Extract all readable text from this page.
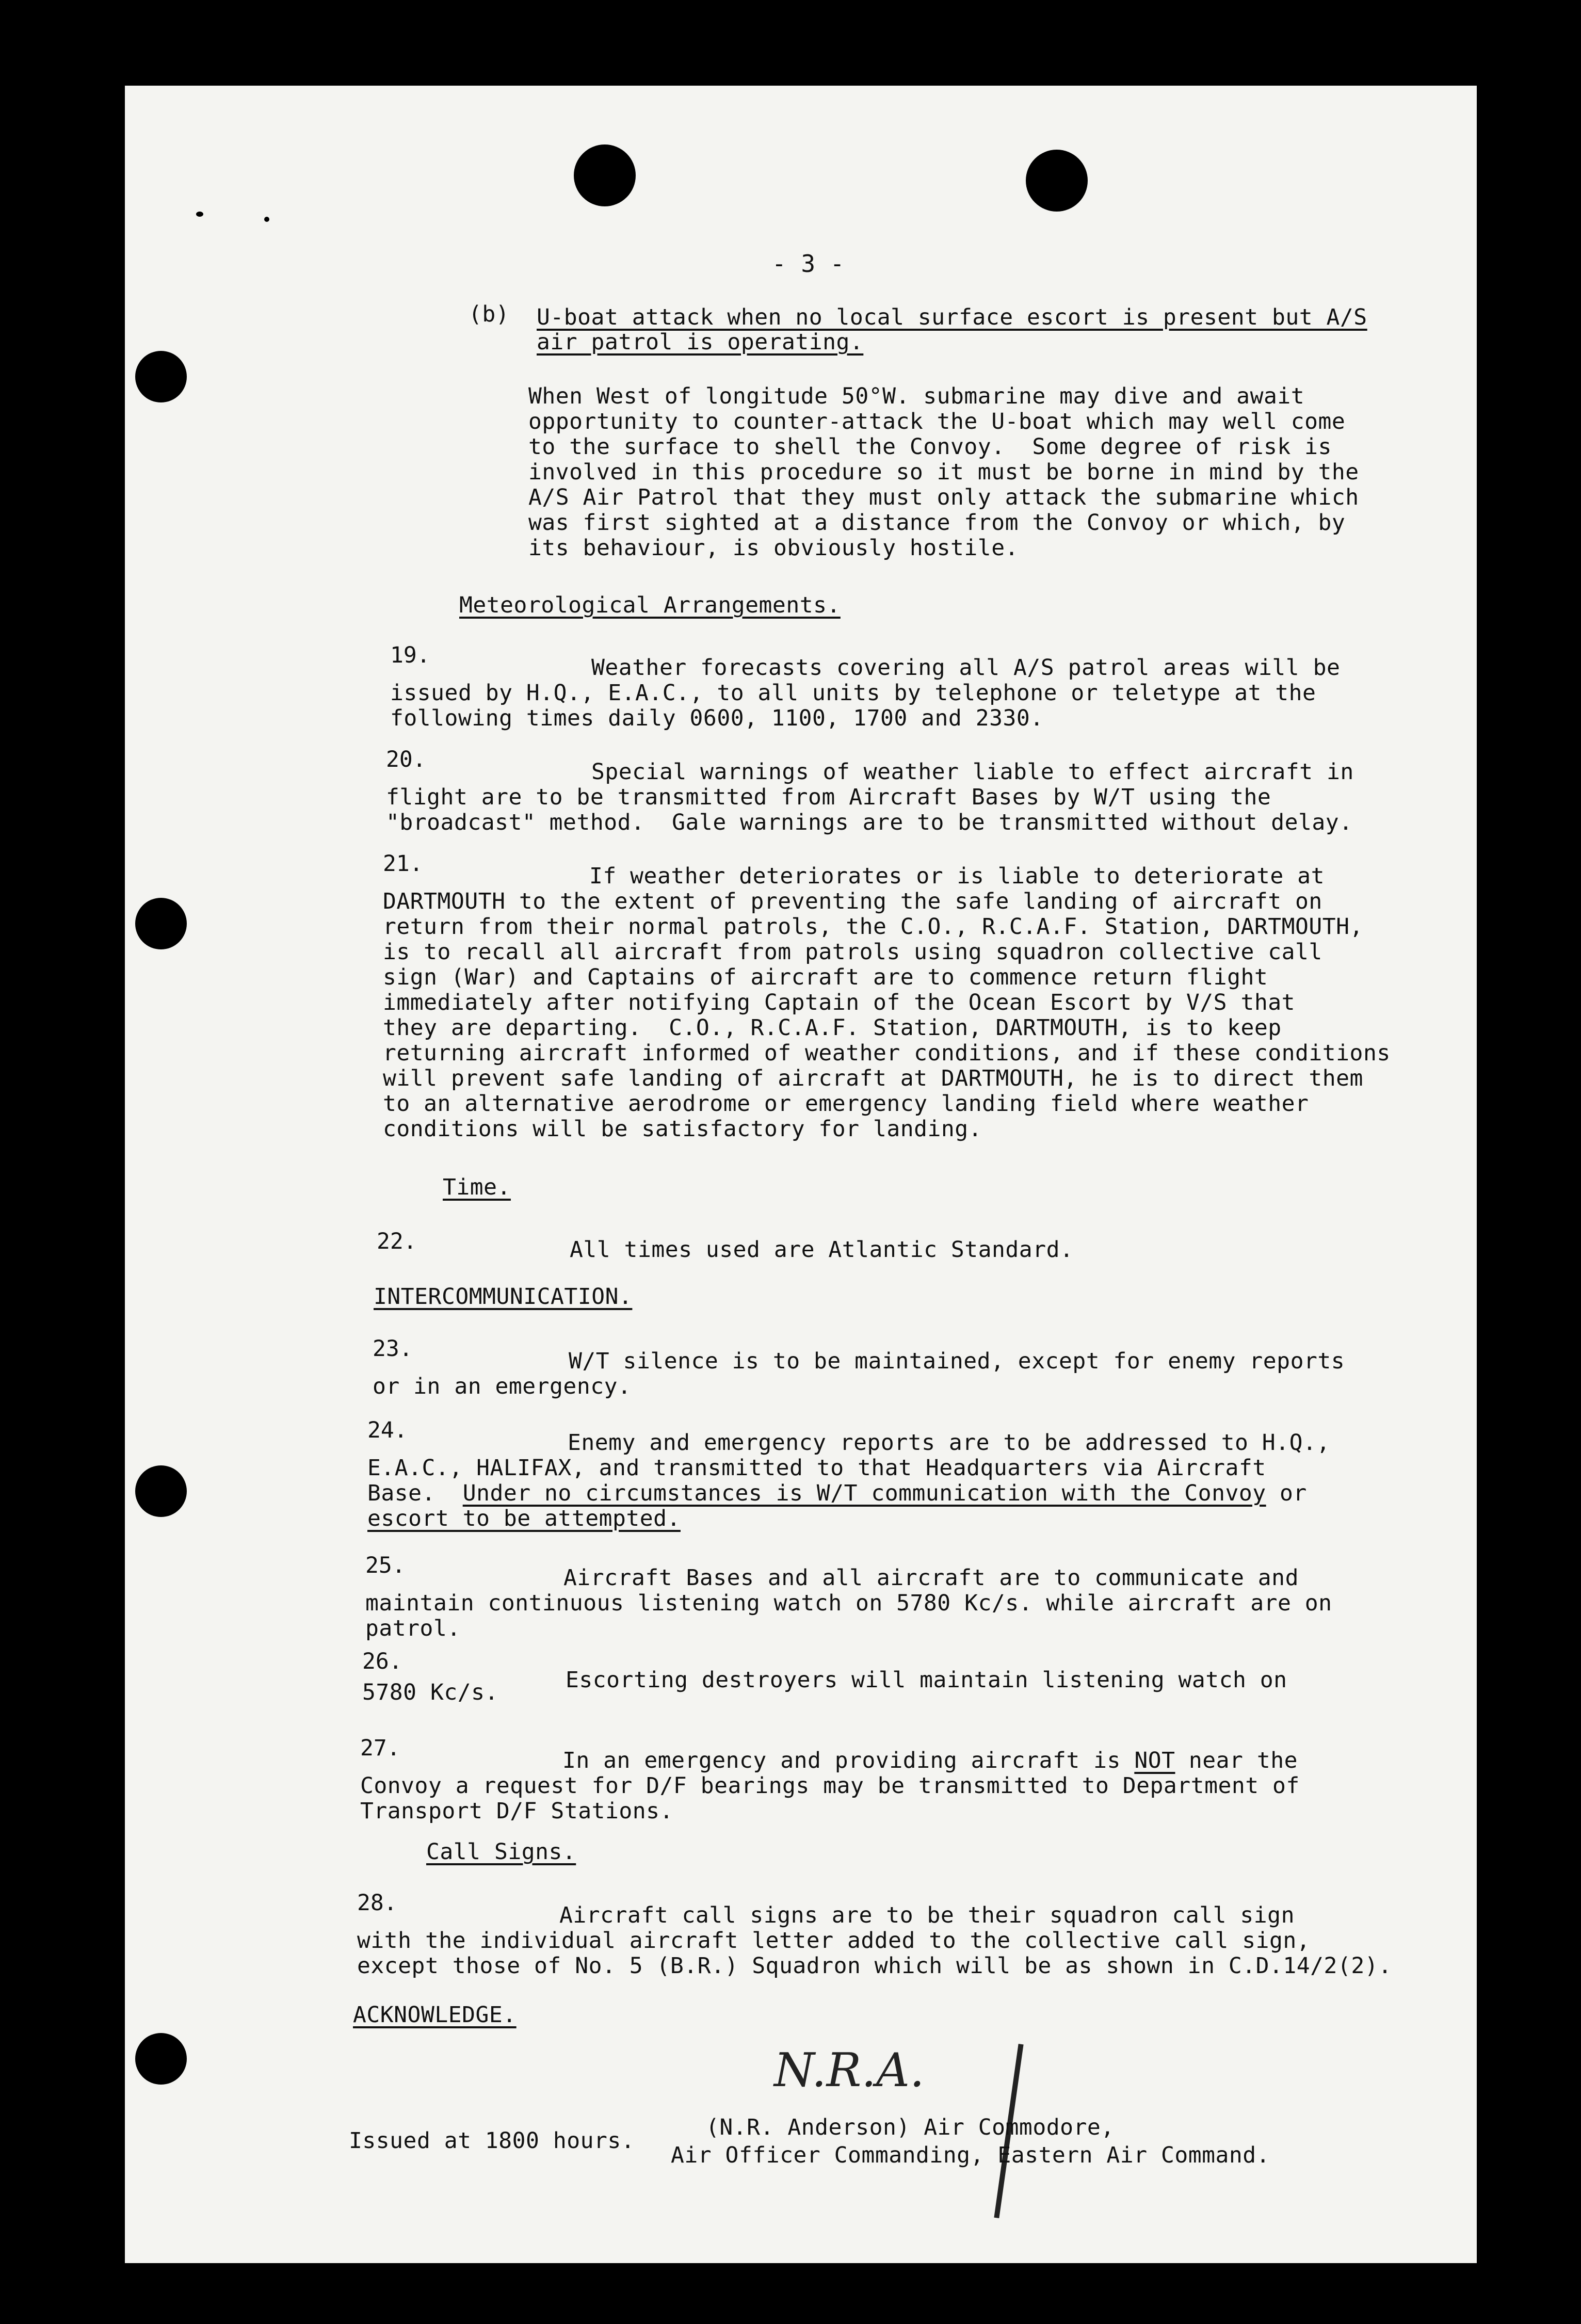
- 3 -
(b) U-boat attack when no local surface escort is present but A/S
air patrol is operating.
When West of longitude 50°W. submarine may dive and await
opportunity to counter-attack the U-boat which may well come
to the surface to shell the Convoy.  Some degree of risk is
involved in this procedure so it must be borne in mind by the
A/S Air Patrol that they must only attack the submarine which
was first sighted at a distance from the Convoy or which, by
its behaviour, is obviously hostile.
Meteorological Arrangements.
19.	Weather forecasts covering all A/S patrol areas will be
issued by H.Q., E.A.C., to all units by telephone or teletype at the
following times daily 0600, 1100, 1700 and 2330.
20.	Special warnings of weather liable to effect aircraft in
flight are to be transmitted from Aircraft Bases by W/T using the
"broadcast" method.  Gale warnings are to be transmitted without delay.
21.	If weather deteriorates or is liable to deteriorate at
DARTMOUTH to the extent of preventing the safe landing of aircraft on
return from their normal patrols, the C.O., R.C.A.F. Station, DARTMOUTH,
is to recall all aircraft from patrols using squadron collective call
sign (War) and Captains of aircraft are to commence return flight
immediately after notifying Captain of the Ocean Escort by V/S that
they are departing.  C.O., R.C.A.F. Station, DARTMOUTH, is to keep
returning aircraft informed of weather conditions, and if these conditions
will prevent safe landing of aircraft at DARTMOUTH, he is to direct them
to an alternative aerodrome or emergency landing field where weather
conditions will be satisfactory for landing.
Time.
22.	All times used are Atlantic Standard.
INTERCOMMUNICATION.
23.	W/T silence is to be maintained, except for enemy reports
or in an emergency.
24.	Enemy and emergency reports are to be addressed to H.Q.,
E.A.C., HALIFAX, and transmitted to that Headquarters via Aircraft
Base.  Under no circumstances is W/T communication with the Convoy or
escort to be attempted.
25.	Aircraft Bases and all aircraft are to communicate and
maintain continuous listening watch on 5780 Kc/s. while aircraft are on
patrol.
26.
Escorting destroyers will maintain listening watch on
5780 Kc/s.
27.	In an emergency and providing aircraft is NOT near the
Convoy a request for D/F bearings may be transmitted to Department of
Transport D/F Stations.
Call Signs.
28.	Aircraft call signs are to be their squadron call sign
with the individual aircraft letter added to the collective call sign,
except those of No. 5 (B.R.) Squadron which will be as shown in C.D.14/2(2).
ACKNOWLEDGE.
N.R.A.
(N.R. Anderson) Air Commodore,
Air Officer Commanding, Eastern Air Command.
Issued at 1800 hours.
